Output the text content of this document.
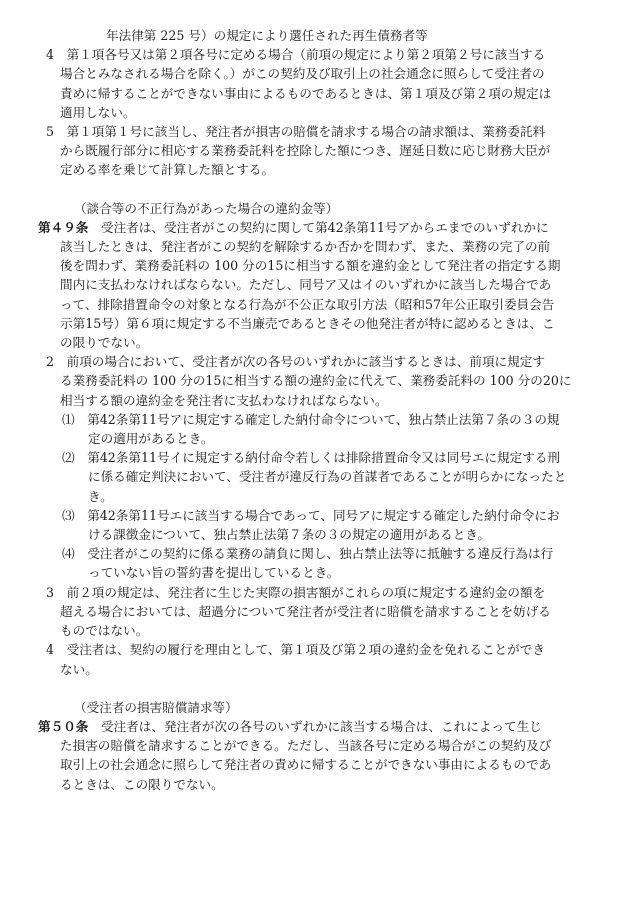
年法律第 225 号）の規定により選任された再生債務者等
4　第１項各号又は第２項各号に定める場合（前項の規定により第２項第２号に該当する
場合とみなされる場合を除く。）がこの契約及び取引上の社会通念に照らして受注者の
責めに帰することができない事由によるものであるときは、第１項及び第２項の規定は
適用しない。
5　第１項第１号に該当し、発注者が損害の賠償を請求する場合の請求額は、業務委託料
から既履行部分に相応する業務委託料を控除した額につき、遅延日数に応じ財務大臣が
定める率を乗じて計算した額とする。
（談合等の不正行為があった場合の違約金等）
第４９条　受注者は、受注者がこの契約に関して第42条第11号アからエまでのいずれかに
該当したときは、発注者がこの契約を解除するか否かを問わず、また、業務の完了の前
後を問わず、業務委託料の 100 分の15に相当する額を違約金として発注者の指定する期
間内に支払わなければならない。ただし、同号ア又はイのいずれかに該当した場合であ
って、排除措置命令の対象となる行為が不公正な取引方法（昭和57年公正取引委員会告
示第15号）第６項に規定する不当廉売であるときその他発注者が特に認めるときは、こ
の限りでない。
2　前項の場合において、受注者が次の各号のいずれかに該当するときは、前項に規定す
る業務委託料の 100 分の15に相当する額の違約金に代えて、業務委託料の 100 分の20に
相当する額の違約金を発注者に支払わなければならない。
⑴　第42条第11号アに規定する確定した納付命令について、独占禁止法第７条の３の規
定の適用があるとき。
⑵　第42条第11号イに規定する納付命令若しくは排除措置命令又は同号エに規定する刑
に係る確定判決において、受注者が違反行為の首謀者であることが明らかになったと
き。
⑶　第42条第11号エに該当する場合であって、同号アに規定する確定した納付命令にお
ける課徴金について、独占禁止法第７条の３の規定の適用があるとき。
⑷　受注者がこの契約に係る業務の請負に関し、独占禁止法等に抵触する違反行為は行
っていない旨の誓約書を提出しているとき。
3　前２項の規定は、発注者に生じた実際の損害額がこれらの項に規定する違約金の額を
超える場合においては、超過分について発注者が受注者に賠償を請求することを妨げる
ものではない。
4　受注者は、契約の履行を理由として、第１項及び第２項の違約金を免れることができ
ない。
（受注者の損害賠償請求等）
第５０条　受注者は、発注者が次の各号のいずれかに該当する場合は、これによって生じ
た損害の賠償を請求することができる。ただし、当該各号に定める場合がこの契約及び
取引上の社会通念に照らして発注者の責めに帰することができない事由によるものであ
るときは、この限りでない。
